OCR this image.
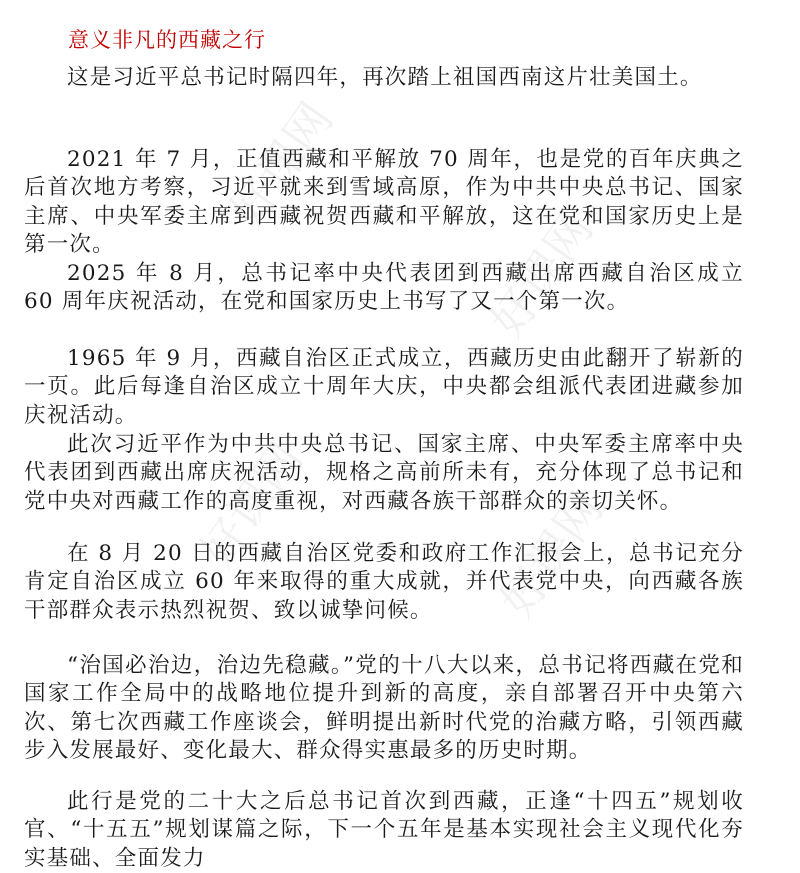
好课网
好课网
好课网	好课网
意义非凡的西藏之行

这是习近平总书记时隔四年，再次踏上祖国西南这片壮美国土。

2021 年 7 月，正值西藏和平解放 70 周年，也是党的百年庆典之后首次地方考察，习近平就来到雪域高原，作为中共中央总书记、国家主席、中央军委主席到西藏祝贺西藏和平解放，这在党和国家历史上是第一次。

2025 年 8 月，总书记率中央代表团到西藏出席西藏自治区成立 60 周年庆祝活动，在党和国家历史上书写了又一个第一次。

1965 年 9 月，西藏自治区正式成立，西藏历史由此翻开了崭新的一页。此后每逢自治区成立十周年大庆，中央都会组派代表团进藏参加庆祝活动。

此次习近平作为中共中央总书记、国家主席、中央军委主席率中央代表团到西藏出席庆祝活动，规格之高前所未有，充分体现了总书记和党中央对西藏工作的高度重视，对西藏各族干部群众的亲切关怀。

在 8 月 20 日的西藏自治区党委和政府工作汇报会上，总书记充分肯定自治区成立 60 年来取得的重大成就，并代表党中央，向西藏各族干部群众表示热烈祝贺、致以诚挚问候。

“治国必治边，治边先稳藏。”党的十八大以来，总书记将西藏在党和国家工作全局中的战略地位提升到新的高度，亲自部署召开中央第六次、第七次西藏工作座谈会，鲜明提出新时代党的治藏方略，引领西藏步入发展最好、变化最大、群众得实惠最多的历史时期。

此行是党的二十大之后总书记首次到西藏，正逢“十四五”规划收官、“十五五”规划谋篇之际，下一个五年是基本实现社会主义现代化夯实基础、全面发力
